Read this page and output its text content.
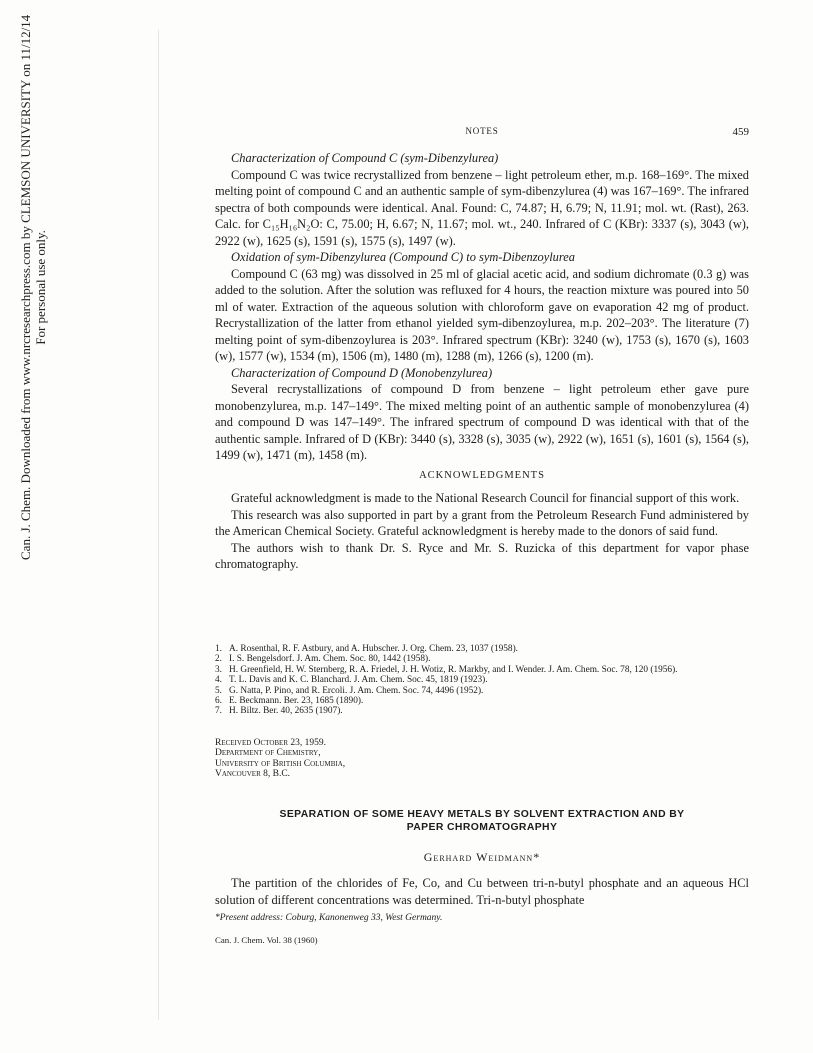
Can. J. Chem. Downloaded from www.nrcresearchpress.com by CLEMSON UNIVERSITY on 11/12/14 For personal use only.
NOTES	459

Characterization of Compound C (sym-Dibenzylurea)

Compound C was twice recrystallized from benzene – light petroleum ether, m.p. 168–169°. The mixed melting point of compound C and an authentic sample of sym-dibenzylurea (4) was 167–169°. The infrared spectra of both compounds were identical. Anal. Found: C, 74.87; H, 6.79; N, 11.91; mol. wt. (Rast), 263. Calc. for C₁₅H₁₆N₂O: C, 75.00; H, 6.67; N, 11.67; mol. wt., 240. Infrared of C (KBr): 3337 (s), 3043 (w), 2922 (w), 1625 (s), 1591 (s), 1575 (s), 1497 (w).

Oxidation of sym-Dibenzylurea (Compound C) to sym-Dibenzoylurea

Compound C (63 mg) was dissolved in 25 ml of glacial acetic acid, and sodium dichromate (0.3 g) was added to the solution. After the solution was refluxed for 4 hours, the reaction mixture was poured into 50 ml of water. Extraction of the aqueous solution with chloroform gave on evaporation 42 mg of product. Recrystallization of the latter from ethanol yielded sym-dibenzoylurea, m.p. 202–203°. The literature (7) melting point of sym-dibenzoylurea is 203°. Infrared spectrum (KBr): 3240 (w), 1753 (s), 1670 (s), 1603 (w), 1577 (w), 1534 (m), 1506 (m), 1480 (m), 1288 (m), 1266 (s), 1200 (m).

Characterization of Compound D (Monobenzylurea)

Several recrystallizations of compound D from benzene – light petroleum ether gave pure monobenzylurea, m.p. 147–149°. The mixed melting point of an authentic sample of monobenzylurea (4) and compound D was 147–149°. The infrared spectrum of compound D was identical with that of the authentic sample. Infrared of D (KBr): 3440 (s), 3328 (s), 3035 (w), 2922 (w), 1651 (s), 1601 (s), 1564 (s), 1499 (w), 1471 (m), 1458 (m).

ACKNOWLEDGMENTS

Grateful acknowledgment is made to the National Research Council for financial support of this work.

This research was also supported in part by a grant from the Petroleum Research Fund administered by the American Chemical Society. Grateful acknowledgment is hereby made to the donors of said fund.

The authors wish to thank Dr. S. Ryce and Mr. S. Ruzicka of this department for vapor phase chromatography.

1. A. Rosenthal, R. F. Astbury, and A. Hubscher. J. Org. Chem. 23, 1037 (1958).
2. I. S. Bengelsdorf. J. Am. Chem. Soc. 80, 1442 (1958).
3. H. Greenfield, H. W. Sternberg, R. A. Friedel, J. H. Wotiz, R. Markby, and I. Wender. J. Am. Chem. Soc. 78, 120 (1956).
4. T. L. Davis and K. C. Blanchard. J. Am. Chem. Soc. 45, 1819 (1923).
5. G. Natta, P. Pino, and R. Ercoli. J. Am. Chem. Soc. 74, 4496 (1952).
6. E. Beckmann. Ber. 23, 1685 (1890).
7. H. Biltz. Ber. 40, 2635 (1907).
Received October 23, 1959.
Department of Chemistry,
University of British Columbia,
Vancouver 8, B.C.
SEPARATION OF SOME HEAVY METALS BY SOLVENT EXTRACTION AND BY
PAPER CHROMATOGRAPHY
Gerhard Weidmann*

The partition of the chlorides of Fe, Co, and Cu between tri-n-butyl phosphate and an aqueous HCl solution of different concentrations was determined. Tri-n-butyl phosphate

*Present address: Coburg, Kanonenweg 33, West Germany.
Can. J. Chem. Vol. 38 (1960)
